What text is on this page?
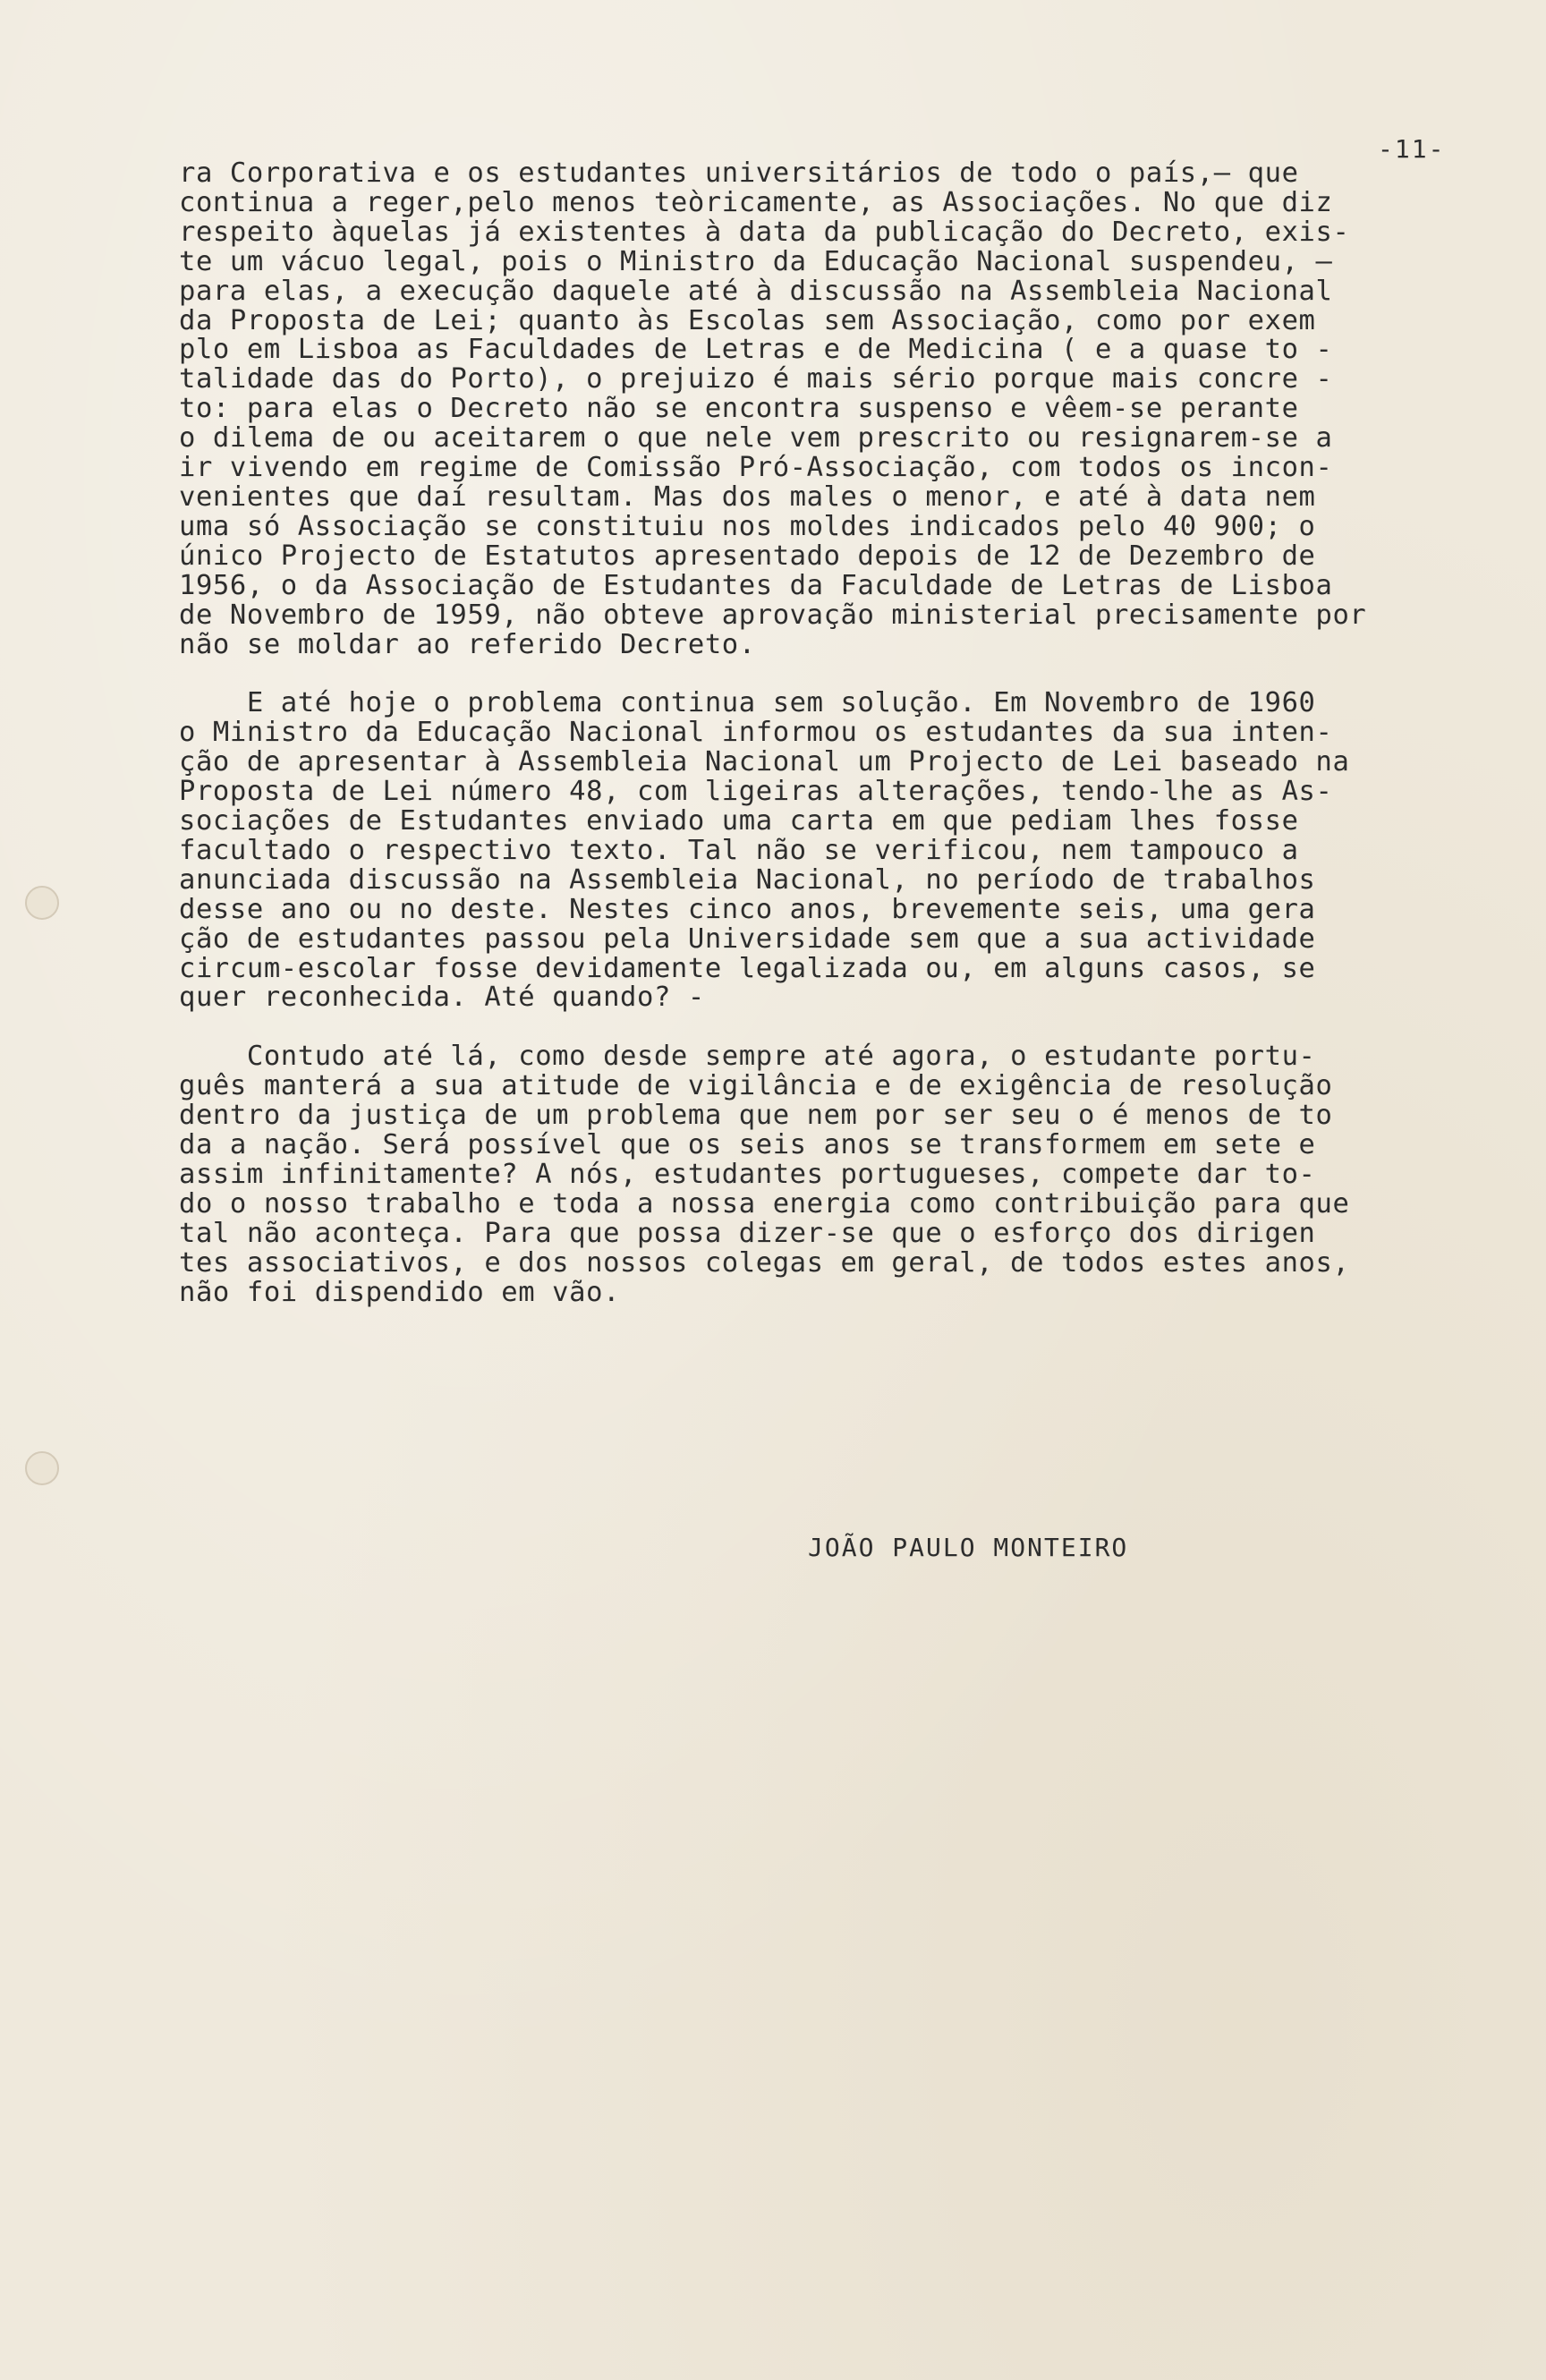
-11-

ra Corporativa e os estudantes universitários de todo o país,— que
continua a reger,pelo menos teòricamente, as Associações. No que diz
respeito àquelas já existentes à data da publicação do Decreto, exis-
te um vácuo legal, pois o Ministro da Educação Nacional suspendeu, —
para elas, a execução daquele até à discussão na Assembleia Nacional
da Proposta de Lei; quanto às Escolas sem Associação, como por exem
plo em Lisboa as Faculdades de Letras e de Medicina ( e a quase to -
talidade das do Porto), o prejuizo é mais sério porque mais concre -
to: para elas o Decreto não se encontra suspenso e vêem-se perante
o dilema de ou aceitarem o que nele vem prescrito ou resignarem-se a
ir vivendo em regime de Comissão Pró-Associação, com todos os incon-
venientes que daí resultam. Mas dos males o menor, e até à data nem
uma só Associação se constituiu nos moldes indicados pelo 40 900; o
único Projecto de Estatutos apresentado depois de 12 de Dezembro de
1956, o da Associação de Estudantes da Faculdade de Letras de Lisboa
de Novembro de 1959, não obteve aprovação ministerial precisamente por
não se moldar ao referido Decreto.

E até hoje o problema continua sem solução. Em Novembro de 1960
o Ministro da Educação Nacional informou os estudantes da sua inten-
ção de apresentar à Assembleia Nacional um Projecto de Lei baseado na
Proposta de Lei número 48, com ligeiras alterações, tendo-lhe as As-
sociações de Estudantes enviado uma carta em que pediam lhes fosse
facultado o respectivo texto. Tal não se verificou, nem tampouco a
anunciada discussão na Assembleia Nacional, no período de trabalhos
desse ano ou no deste. Nestes cinco anos, brevemente seis, uma gera
ção de estudantes passou pela Universidade sem que a sua actividade
circum-escolar fosse devidamente legalizada ou, em alguns casos, se
quer reconhecida. Até quando? -

Contudo até lá, como desde sempre até agora, o estudante portu-
guês manterá a sua atitude de vigilância e de exigência de resolução
dentro da justiça de um problema que nem por ser seu o é menos de to
da a nação. Será possível que os seis anos se transformem em sete e
assim infinitamente? A nós, estudantes portugueses, compete dar to-
do o nosso trabalho e toda a nossa energia como contribuição para que
tal não aconteça. Para que possa dizer-se que o esforço dos dirigen
tes associativos, e dos nossos colegas em geral, de todos estes anos,
não foi dispendido em vão.

JOÃO PAULO MONTEIRO
